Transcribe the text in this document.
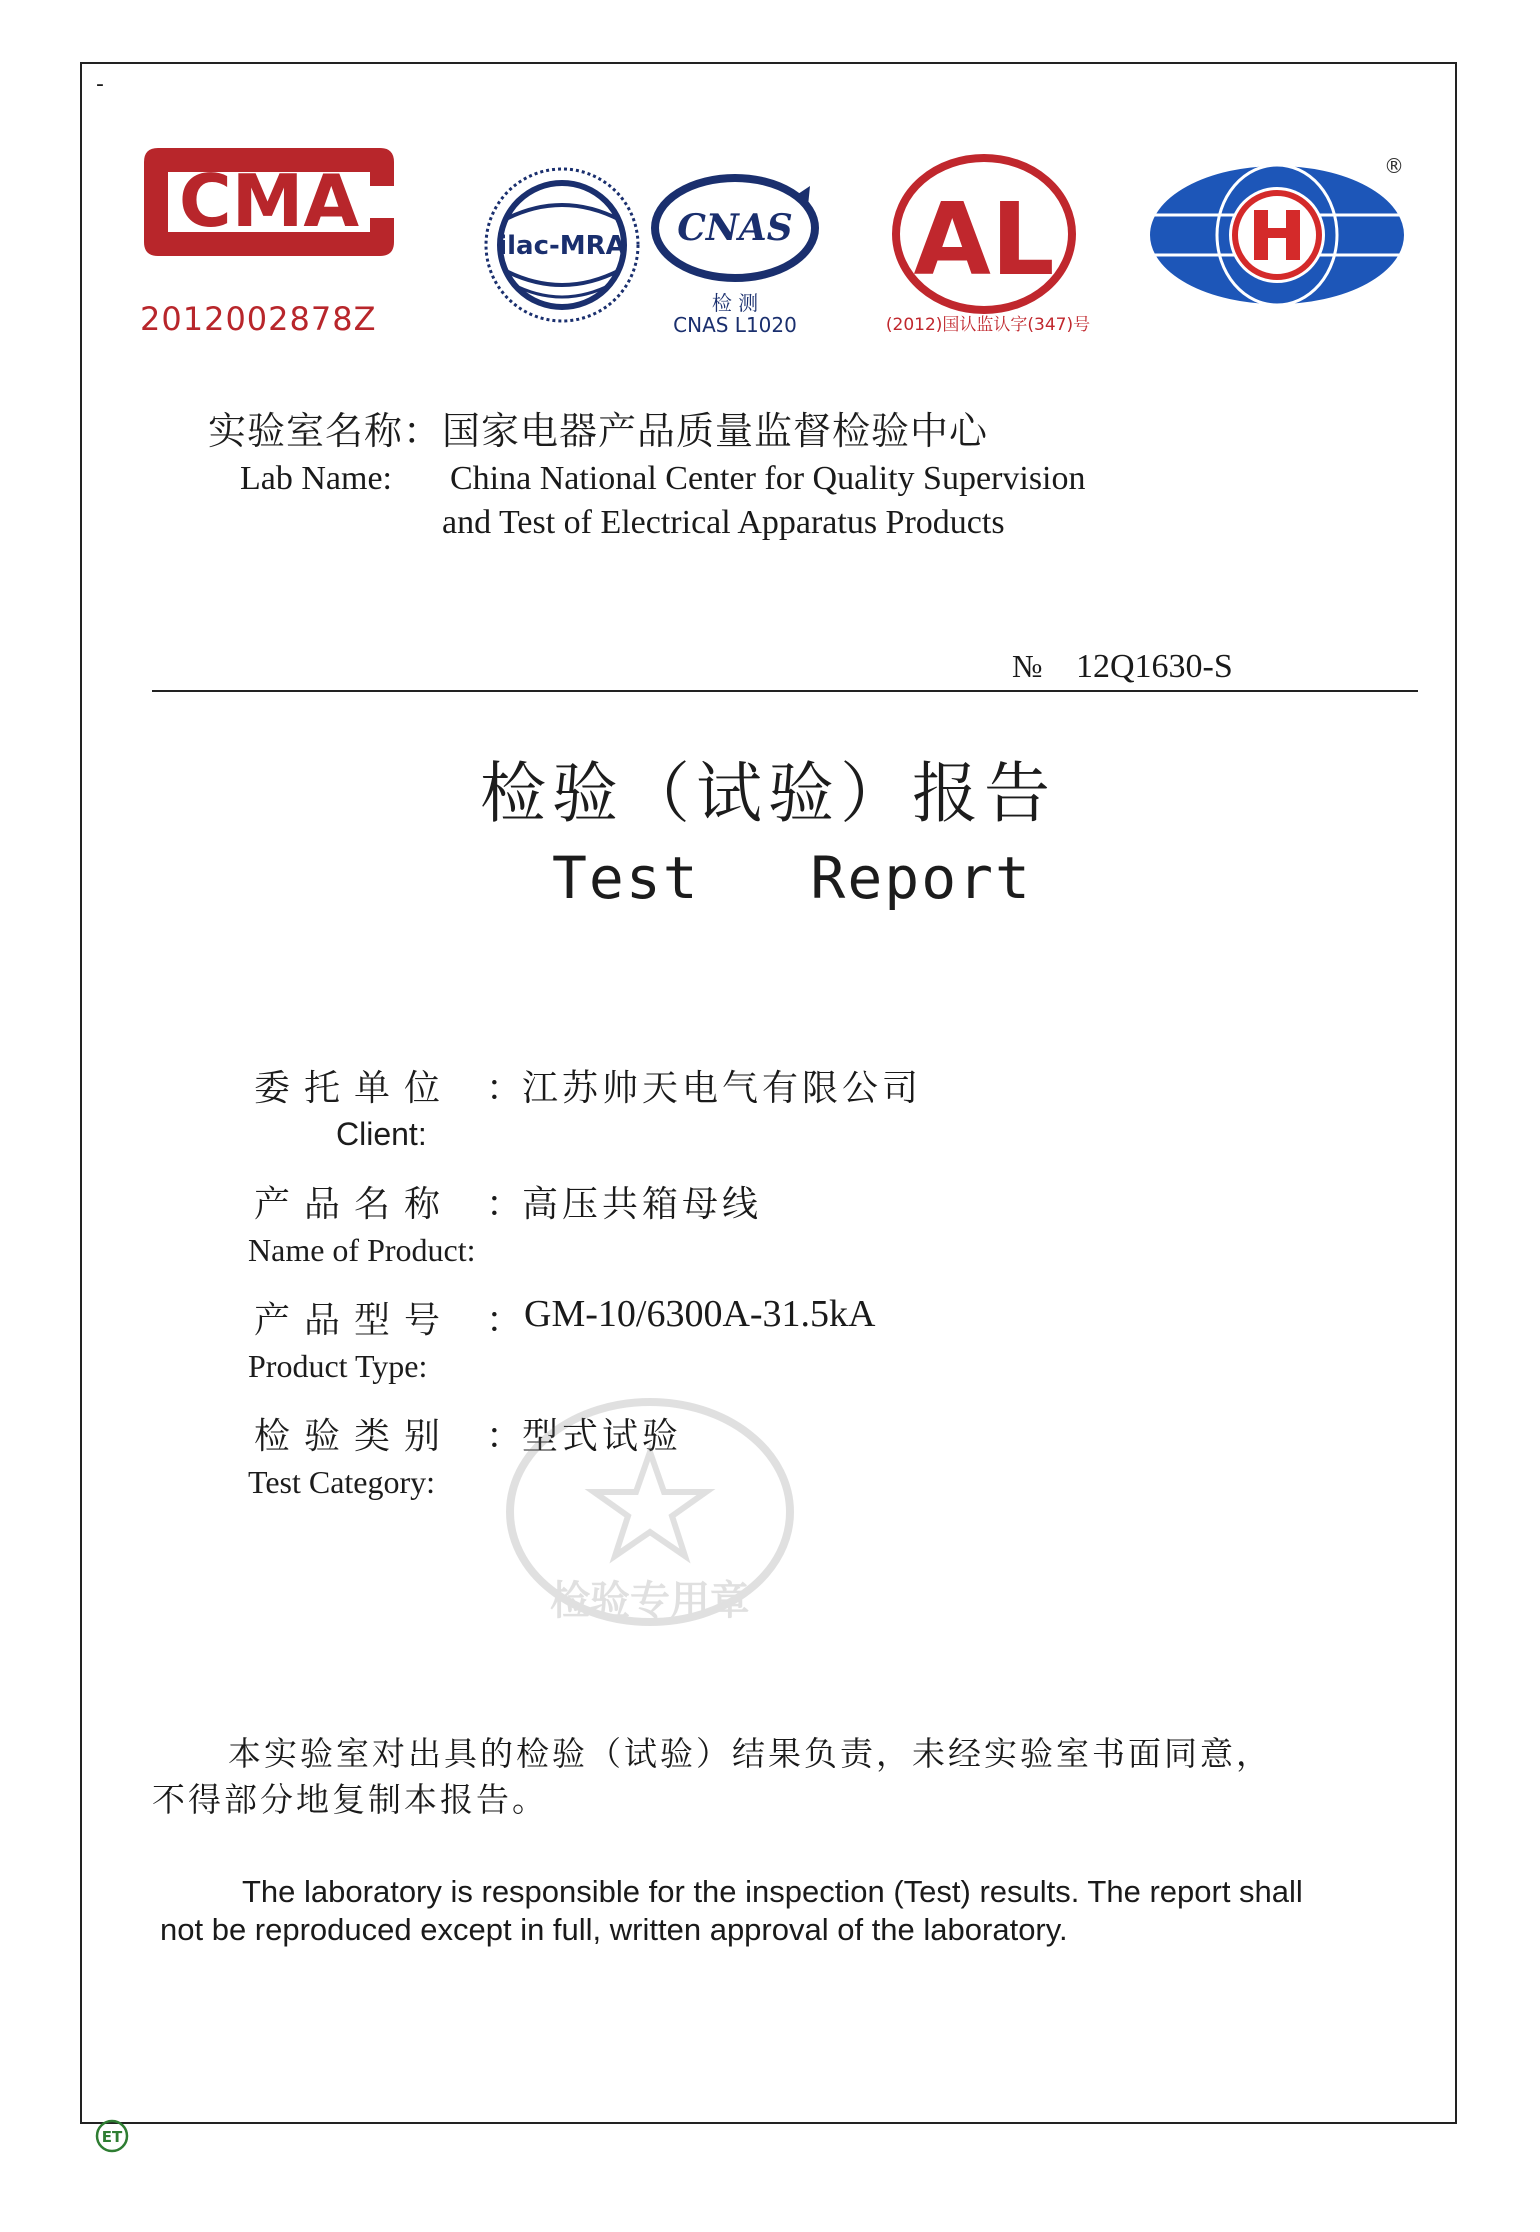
-
CMA
2012002878Z
ilac-MRA CNAS
检 测
CNAS L1020
AL
(2012)国认监认字(347)号
®
实验室名称：国家电器产品质量监督检验中心
Lab Name: China National Center for Quality Supervision
and Test of Electrical Apparatus Products
№ 12Q1630-S
检验（试验）报告
Test   Report
委托单位 ： 江苏帅天电气有限公司
Client:
产品名称 ： 高压共箱母线
Name of Product:
产品型号 ： GM-10/6300A-31.5kA
Product Type:
检验类别 ： 型式试验
Test Category:
检验专用章
本实验室对出具的检验（试验）结果负责，未经实验室书面同意，
不得部分地复制本报告。
The laboratory is responsible for the inspection (Test) results. The report shall
not be reproduced except in full, written approval of the laboratory.
ET
